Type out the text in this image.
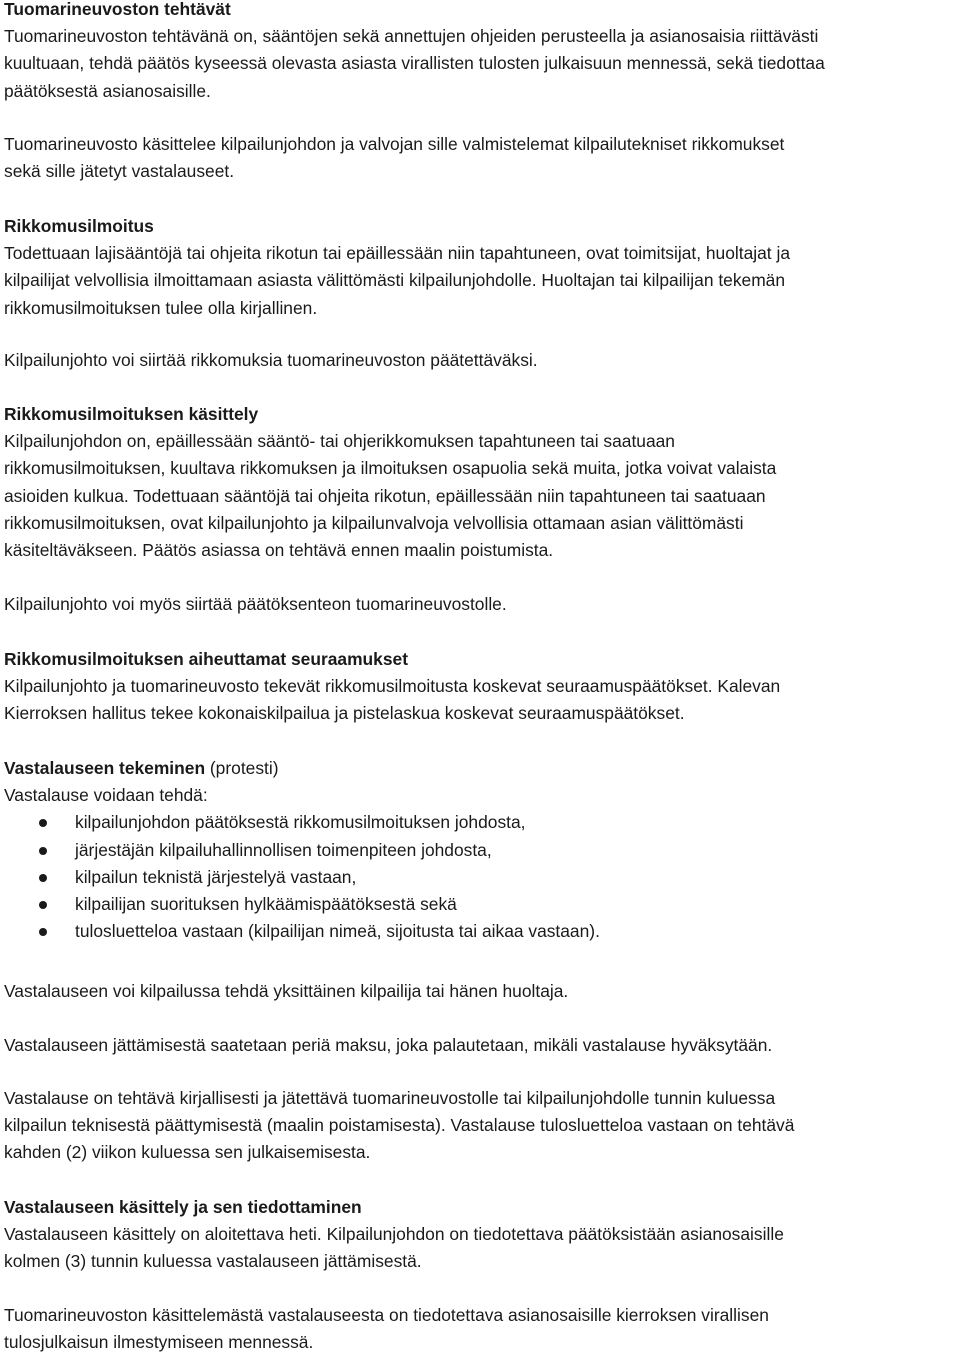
Tuomarineuvoston tehtävät

Tuomarineuvoston tehtävänä on, sääntöjen sekä annettujen ohjeiden perusteella ja asianosaisia riittävästi
kuultuaan, tehdä päätös kyseessä olevasta asiasta virallisten tulosten julkaisuun mennessä, sekä tiedottaa
päätöksestä asianosaisille.

Tuomarineuvosto käsittelee kilpailunjohdon ja valvojan sille valmistelemat kilpailutekniset rikkomukset
sekä sille jätetyt vastalauseet.

Rikkomusilmoitus

Todettuaan lajisääntöjä tai ohjeita rikotun tai epäillessään niin tapahtuneen, ovat toimitsijat, huoltajat ja
kilpailijat velvollisia ilmoittamaan asiasta välittömästi kilpailunjohdolle. Huoltajan tai kilpailijan tekemän
rikkomusilmoituksen tulee olla kirjallinen.

Kilpailunjohto voi siirtää rikkomuksia tuomarineuvoston päätettäväksi.

Rikkomusilmoituksen käsittely

Kilpailunjohdon on, epäillessään sääntö- tai ohjerikkomuksen tapahtuneen tai saatuaan
rikkomusilmoituksen, kuultava rikkomuksen ja ilmoituksen osapuolia sekä muita, jotka voivat valaista
asioiden kulkua. Todettuaan sääntöjä tai ohjeita rikotun, epäillessään niin tapahtuneen tai saatuaan
rikkomusilmoituksen, ovat kilpailunjohto ja kilpailunvalvoja velvollisia ottamaan asian välittömästi
käsiteltäväkseen. Päätös asiassa on tehtävä ennen maalin poistumista.

Kilpailunjohto voi myös siirtää päätöksenteon tuomarineuvostolle.

Rikkomusilmoituksen aiheuttamat seuraamukset

Kilpailunjohto ja tuomarineuvosto tekevät rikkomusilmoitusta koskevat seuraamuspäätökset. Kalevan
Kierroksen hallitus tekee kokonaiskilpailua ja pistelaskua koskevat seuraamuspäätökset.

Vastalauseen tekeminen (protesti)

Vastalause voidaan tehdä:

kilpailunjohdon päätöksestä rikkomusilmoituksen johdosta,
järjestäjän kilpailuhallinnollisen toimenpiteen johdosta,
kilpailun teknistä järjestelyä vastaan,
kilpailijan suorituksen hylkäämispäätöksestä sekä
tulosluetteloa vastaan (kilpailijan nimeä, sijoitusta tai aikaa vastaan).

Vastalauseen voi kilpailussa tehdä yksittäinen kilpailija tai hänen huoltaja.

Vastalauseen jättämisestä saatetaan periä maksu, joka palautetaan, mikäli vastalause hyväksytään.

Vastalause on tehtävä kirjallisesti ja jätettävä tuomarineuvostolle tai kilpailunjohdolle tunnin kuluessa
kilpailun teknisestä päättymisestä (maalin poistamisesta). Vastalause tulosluetteloa vastaan on tehtävä
kahden (2) viikon kuluessa sen julkaisemisesta.

Vastalauseen käsittely ja sen tiedottaminen

Vastalauseen käsittely on aloitettava heti. Kilpailunjohdon on tiedotettava päätöksistään asianosaisille
kolmen (3) tunnin kuluessa vastalauseen jättämisestä.

Tuomarineuvoston käsittelemästä vastalauseesta on tiedotettava asianosaisille kierroksen virallisen
tulosjulkaisun ilmestymiseen mennessä.
